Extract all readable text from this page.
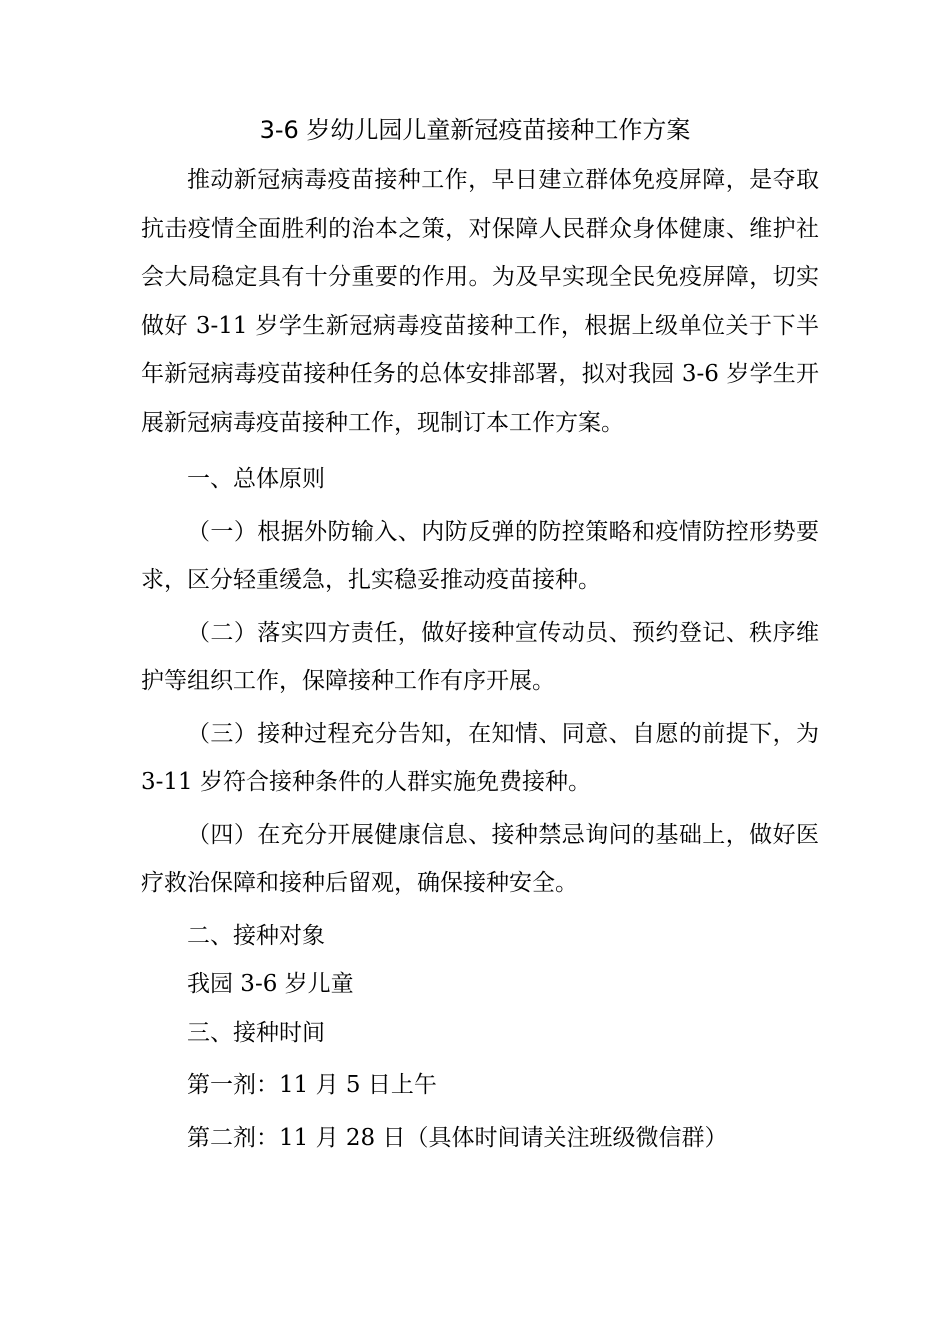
3-6 岁幼儿园儿童新冠疫苗接种工作方案

推动新冠病毒疫苗接种工作，早日建立群体免疫屏障，是夺取抗击疫情全面胜利的治本之策，对保障人民群众身体健康、维护社会大局稳定具有十分重要的作用。为及早实现全民免疫屏障，切实做好 3-11 岁学生新冠病毒疫苗接种工作，根据上级单位关于下半年新冠病毒疫苗接种任务的总体安排部署，拟对我园 3-6 岁学生开展新冠病毒疫苗接种工作，现制订本工作方案。

一、总体原则

（一）根据外防输入、内防反弹的防控策略和疫情防控形势要求，区分轻重缓急，扎实稳妥推动疫苗接种。

（二）落实四方责任，做好接种宣传动员、预约登记、秩序维护等组织工作，保障接种工作有序开展。

（三）接种过程充分告知，在知情、同意、自愿的前提下，为 3-11 岁符合接种条件的人群实施免费接种。

（四）在充分开展健康信息、接种禁忌询问的基础上，做好医疗救治保障和接种后留观，确保接种安全。

二、接种对象

我园 3-6 岁儿童

三、接种时间

第一剂：11 月 5 日上午

第二剂：11 月 28 日（具体时间请关注班级微信群）
